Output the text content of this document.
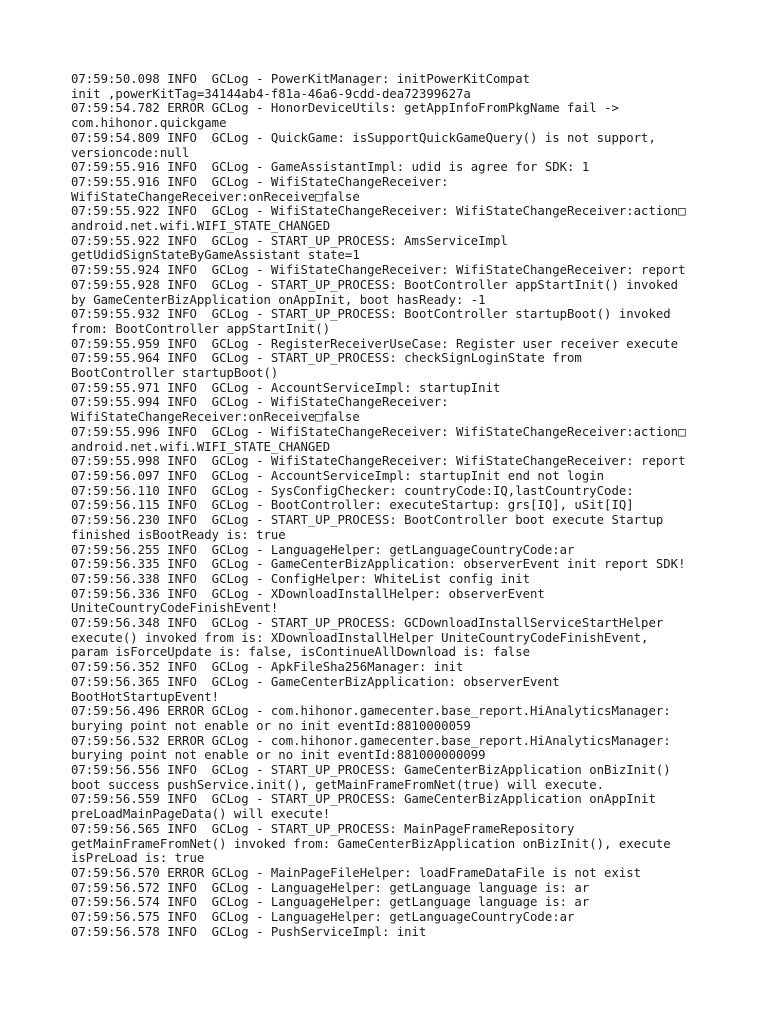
07:59:50.098 INFO  GCLog - PowerKitManager: initPowerKitCompat
init ,powerKitTag=34144ab4-f81a-46a6-9cdd-dea72399627a
07:59:54.782 ERROR GCLog - HonorDeviceUtils: getAppInfoFromPkgName fail ->
com.hihonor.quickgame
07:59:54.809 INFO  GCLog - QuickGame: isSupportQuickGameQuery() is not support,
versioncode:null
07:59:55.916 INFO  GCLog - GameAssistantImpl: udid is agree for SDK: 1
07:59:55.916 INFO  GCLog - WifiStateChangeReceiver:
WifiStateChangeReceiver:onReceive□false
07:59:55.922 INFO  GCLog - WifiStateChangeReceiver: WifiStateChangeReceiver:action□
android.net.wifi.WIFI_STATE_CHANGED
07:59:55.922 INFO  GCLog - START_UP_PROCESS: AmsServiceImpl
getUdidSignStateByGameAssistant state=1
07:59:55.924 INFO  GCLog - WifiStateChangeReceiver: WifiStateChangeReceiver: report
07:59:55.928 INFO  GCLog - START_UP_PROCESS: BootController appStartInit() invoked
by GameCenterBizApplication onAppInit, boot hasReady: -1
07:59:55.932 INFO  GCLog - START_UP_PROCESS: BootController startupBoot() invoked
from: BootController appStartInit()
07:59:55.959 INFO  GCLog - RegisterReceiverUseCase: Register user receiver execute
07:59:55.964 INFO  GCLog - START_UP_PROCESS: checkSignLoginState from
BootController startupBoot()
07:59:55.971 INFO  GCLog - AccountServiceImpl: startupInit
07:59:55.994 INFO  GCLog - WifiStateChangeReceiver:
WifiStateChangeReceiver:onReceive□false
07:59:55.996 INFO  GCLog - WifiStateChangeReceiver: WifiStateChangeReceiver:action□
android.net.wifi.WIFI_STATE_CHANGED
07:59:55.998 INFO  GCLog - WifiStateChangeReceiver: WifiStateChangeReceiver: report
07:59:56.097 INFO  GCLog - AccountServiceImpl: startupInit end not login
07:59:56.110 INFO  GCLog - SysConfigChecker: countryCode:IQ,lastCountryCode:
07:59:56.115 INFO  GCLog - BootController: executeStartup: grs[IQ], uSit[IQ]
07:59:56.230 INFO  GCLog - START_UP_PROCESS: BootController boot execute Startup
finished isBootReady is: true
07:59:56.255 INFO  GCLog - LanguageHelper: getLanguageCountryCode:ar
07:59:56.335 INFO  GCLog - GameCenterBizApplication: observerEvent init report SDK!
07:59:56.338 INFO  GCLog - ConfigHelper: WhiteList config init
07:59:56.336 INFO  GCLog - XDownloadInstallHelper: observerEvent
UniteCountryCodeFinishEvent!
07:59:56.348 INFO  GCLog - START_UP_PROCESS: GCDownloadInstallServiceStartHelper
execute() invoked from is: XDownloadInstallHelper UniteCountryCodeFinishEvent,
param isForceUpdate is: false, isContinueAllDownload is: false
07:59:56.352 INFO  GCLog - ApkFileSha256Manager: init
07:59:56.365 INFO  GCLog - GameCenterBizApplication: observerEvent
BootHotStartupEvent!
07:59:56.496 ERROR GCLog - com.hihonor.gamecenter.base_report.HiAnalyticsManager:
burying point not enable or no init eventId:8810000059
07:59:56.532 ERROR GCLog - com.hihonor.gamecenter.base_report.HiAnalyticsManager:
burying point not enable or no init eventId:881000000099
07:59:56.556 INFO  GCLog - START_UP_PROCESS: GameCenterBizApplication onBizInit()
boot success pushService.init(), getMainFrameFromNet(true) will execute.
07:59:56.559 INFO  GCLog - START_UP_PROCESS: GameCenterBizApplication onAppInit
preLoadMainPageData() will execute!
07:59:56.565 INFO  GCLog - START_UP_PROCESS: MainPageFrameRepository
getMainFrameFromNet() invoked from: GameCenterBizApplication onBizInit(), execute
isPreLoad is: true
07:59:56.570 ERROR GCLog - MainPageFileHelper: loadFrameDataFile is not exist
07:59:56.572 INFO  GCLog - LanguageHelper: getLanguage language is: ar
07:59:56.574 INFO  GCLog - LanguageHelper: getLanguage language is: ar
07:59:56.575 INFO  GCLog - LanguageHelper: getLanguageCountryCode:ar
07:59:56.578 INFO  GCLog - PushServiceImpl: init
